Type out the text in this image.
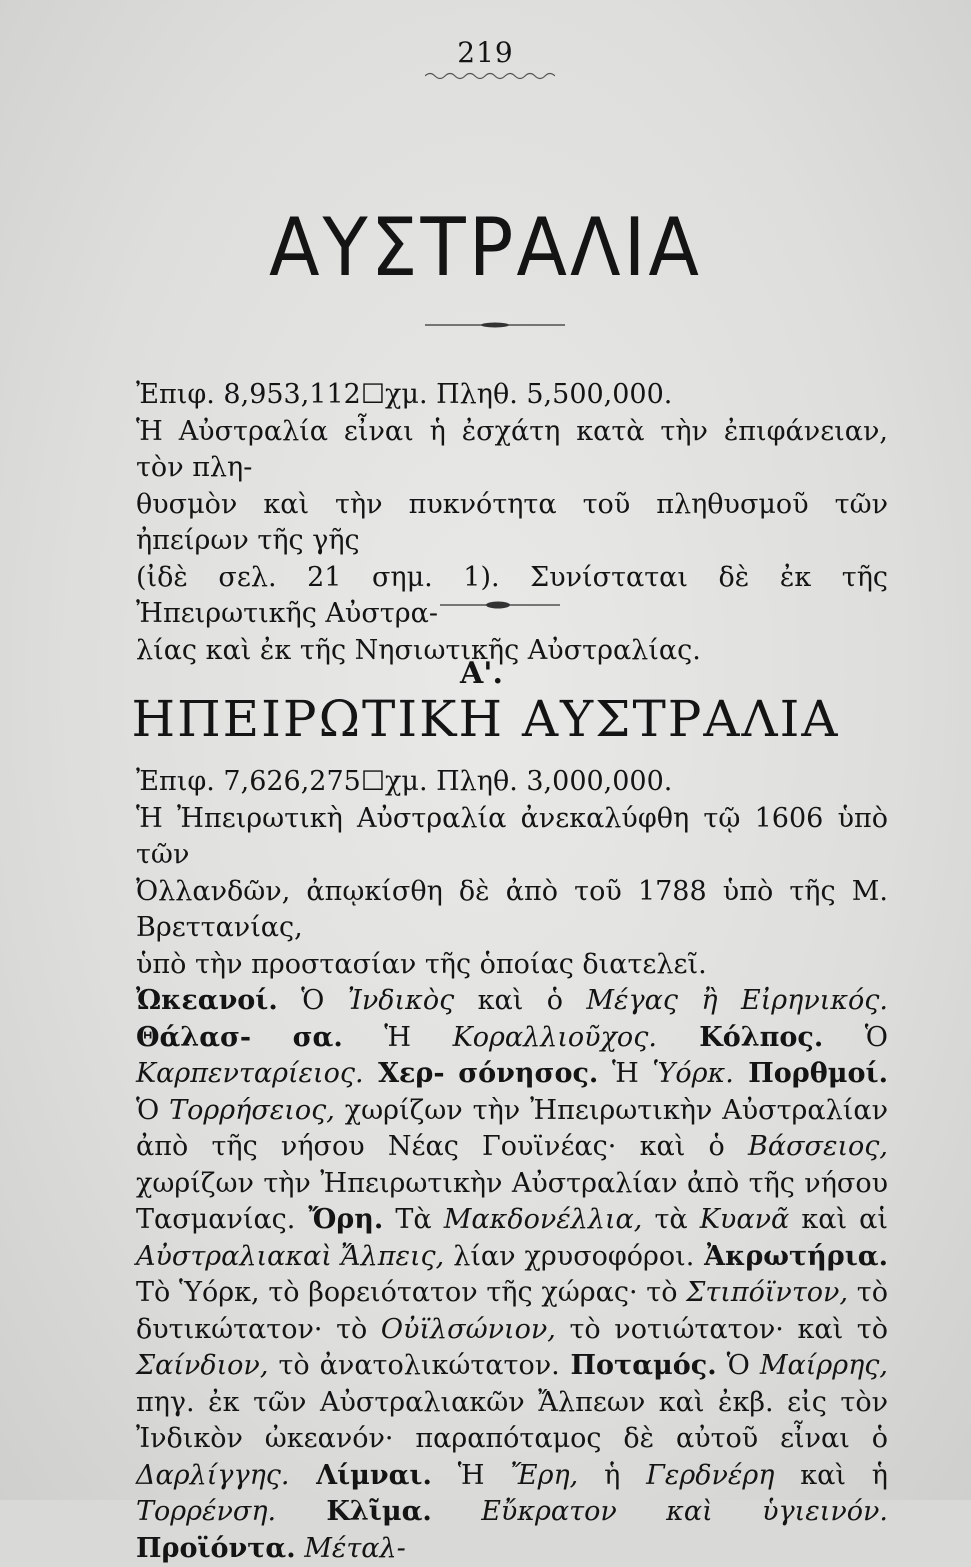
219
ΑΥΣΤΡΑΛΙΑ

Ἐπιφ. 8,953,112☐χμ. Πληθ. 5,500,000.

Ἡ Αὐστραλία εἶναι ἡ ἐσχάτη κατὰ τὴν ἐπιφάνειαν, τὸν πλη-

θυσμὸν καὶ τὴν πυκνότητα τοῦ πληθυσμοῦ τῶν ἠπείρων τῆς γῆς

(ἰδὲ σελ. 21 σημ. 1). Συνίσταται δὲ ἐκ τῆς Ἠπειρωτικῆς Αὐστρα-

λίας καὶ ἐκ τῆς Νησιωτικῆς Αὐστραλίας.

Α'.
ΗΠΕΙΡΩΤΙΚΗ ΑΥΣΤΡΑΛΙΑ

Ἐπιφ. 7,626,275☐χμ. Πληθ. 3,000,000.

Ἡ Ἠπειρωτικὴ Αὐστραλία ἀνεκαλύφθη τῷ 1606 ὑπὸ τῶν

Ὀλλανδῶν, ἀπῳκίσθη δὲ ἀπὸ τοῦ 1788 ὑπὸ τῆς Μ. Βρεττανίας,

ὑπὸ τὴν προστασίαν τῆς ὁποίας διατελεῖ.

Ὠκεανοί. Ὁ Ἰνδικὸς καὶ ὁ Μέγας ἢ Εἰρηνικός. Θάλασ- σα. Ἡ Κοραλλιοῦχος. Κόλπος. Ὁ Καρπενταρίειος. Χερ- σόνησος. Ἡ Ὑόρκ. Πορθμοί. Ὁ Τορρήσειος, χωρίζων τὴν Ἠπειρωτικὴν Αὐστραλίαν ἀπὸ τῆς νήσου Νέας Γουϊνέας· καὶ ὁ Βάσσειος, χωρίζων τὴν Ἠπειρωτικὴν Αὐστραλίαν ἀπὸ τῆς νήσου Τασμανίας. Ὄρη. Τὰ Μακδονέλλια, τὰ Κυανᾶ καὶ αἱ Αὐστραλιακαὶ Ἄλπεις, λίαν χρυσοφόροι. Ἀκρωτήρια. Τὸ Ὑόρκ, τὸ βορειότατον τῆς χώρας· τὸ Στιπόϊντον, τὸ δυτικώτατον· τὸ Οὐϊλσώνιον, τὸ νοτιώτατον· καὶ τὸ Σαίνδιον, τὸ ἀνατολικώτατον. Ποταμός. Ὁ Μαίρρης, πηγ. ἐκ τῶν Αὐστραλιακῶν Ἄλπεων καὶ ἐκβ. εἰς τὸν Ἰνδικὸν ὠκεανόν· παραπόταμος δὲ αὐτοῦ εἶναι ὁ Δαρλίγγης. Λίμναι. Ἡ Ἔρη, ἡ Γερδνέρη καὶ ἡ Τορρένση. Κλῖμα. Εὔκρατον καὶ ὑγιεινόν. Προϊόντα. Μέταλ-
